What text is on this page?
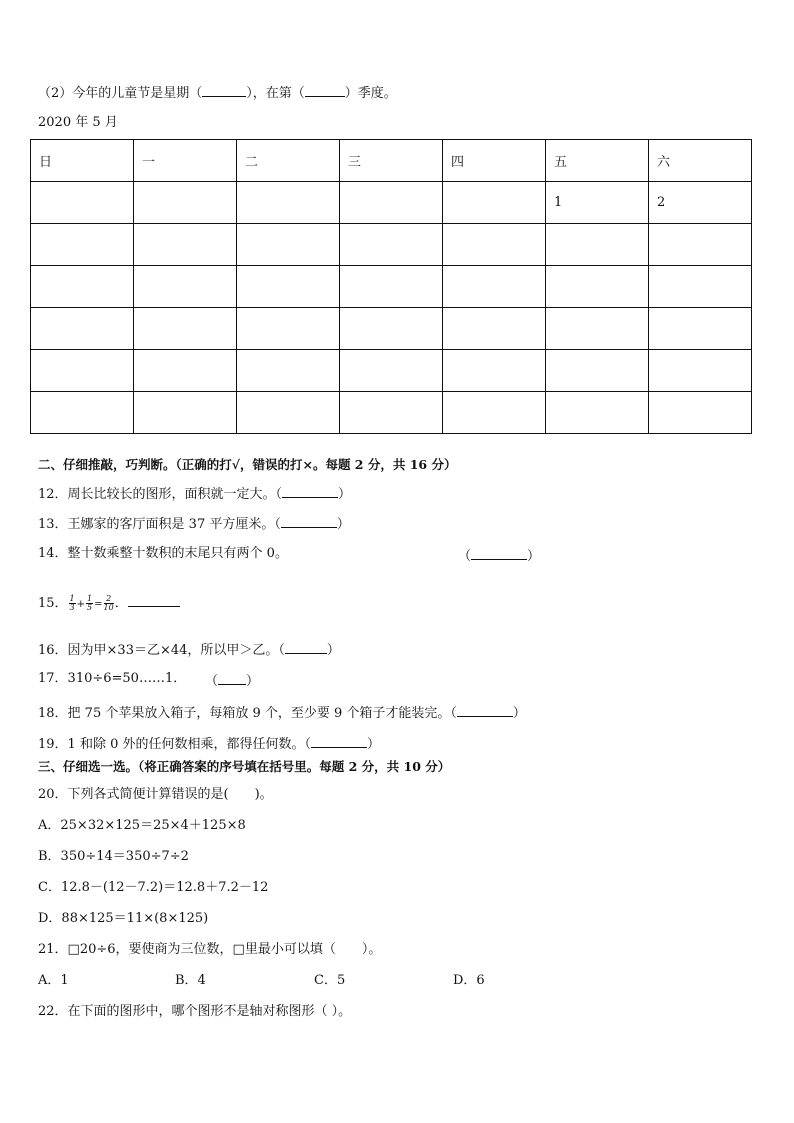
（2）今年的儿童节是星期（	），在第（	）季度。
2020 年 5 月
日	一	二	三	四	五	六
					1	2

二、仔细推敲，巧判断。（正确的打√，错误的打×。每题 2 分，共 16 分）
12．周长比较长的图形，面积就一定大。（	）
13．王娜家的客厅面积是 37 平方厘米。（	）
14．整十数乘整十数积的末尾只有两个 0。	（	）
15． $\frac{1}{3} + \frac{1}{5} = \frac{2}{10}$ ．
16．因为甲×33＝乙×44，所以甲＞乙。（	）
17．310÷6=50……1． （ ）
18．把 75 个苹果放入箱子，每箱放 9 个，至少要 9 个箱子才能装完。（	）
19．1 和除 0 外的任何数相乘，都得任何数。（	）
三、仔细选一选。（将正确答案的序号填在括号里。每题 2 分，共 10 分）
20．下列各式简便计算错误的是(　　)。
A．25×32×125＝25×4＋125×8
B．350÷14＝350÷7÷2
C．12.8－(12－7.2)＝12.8＋7.2－12
D．88×125＝11×(8×125)
21．□20÷6，要使商为三位数，□里最小可以填（　　）。
A．1	B．4	C．5	D．6
22．在下面的图形中，哪个图形不是轴对称图形（ ）。
